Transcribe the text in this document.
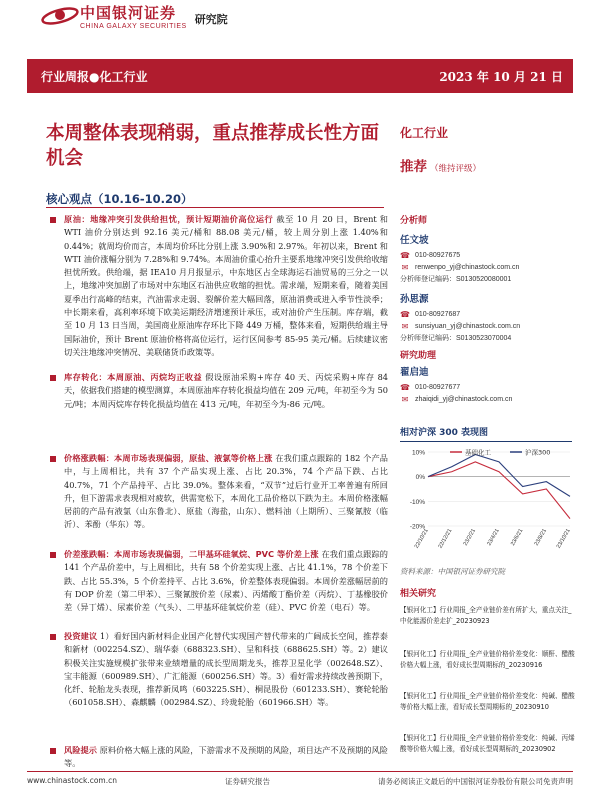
中国银河证券
CHINA GALAXY SECURITIES
研究院
行业周报●化工行业	2023 年 10 月 21 日
本周整体表现稍弱，重点推荐成长性方面机会
化工行业
推荐 （维持评级）
核心观点（10.16-10.20）
原油：地缘冲突引发供给担忧，预计短期油价高位运行 截至 10 月 20 日，Brent 和 WTI 油价分别达到 92.16 美元/桶和 88.08 美元/桶，较上周分别上涨 1.40%和 0.44%；就周均价而言，本周均价环比分别上涨 3.90%和 2.97%。年初以来，Brent 和 WTI 油价涨幅分别为 7.28%和 9.74%。本周油价重心抬升主要系地缘冲突引发供给收缩担忧所致。供给端，据 IEA10 月月报显示，中东地区占全球海运石油贸易的三分之一以上，地缘冲突加剧了市场对中东地区石油供应收缩的担忧。需求端，短期来看，随着美国夏季出行高峰的结束，汽油需求走弱、裂解价差大幅回落，原油消费或进入季节性淡季；中长期来看，高利率环境下欧美运期经济增速预计承压，或对油价产生压制。库存端，截至 10 月 13 日当周，美国商业原油库存环比下降 449 万桶，整体来看，短期供给端主导国际油价，预计 Brent 原油价格将高位运行，运行区间参考 85-95 美元/桶。后续建议密切关注地缘冲突情况、美联储货币政策等。
库存转化：本周原油、丙烷均正收益 假设原油采购+库存 40 天、丙烷采购+库存 84 天，依据我们搭建的模型测算，本周原油库存转化损益均值在 209 元/吨，年初至今为 50 元/吨；本周丙烷库存转化损益均值在 413 元/吨，年初至今为-86 元/吨。
价格涨跌幅：本周市场表现偏弱，原盐、液氯等价格上涨 在我们重点跟踪的 182 个产品中，与上周相比，共有 37 个产品实现上涨、占比 20.3%，74 个产品下跌、占比 40.7%，71 个产品持平、占比 39.0%。整体来看，“双节”过后行业开工率普遍有所回升，但下游需求表现相对疲软，供需宽松下，本周化工品价格以下跌为主。本周价格涨幅居前的产品有液氯（山东鲁北）、原盐（海盐，山东）、燃料油（上期所）、三聚氰胺（临沂）、苯酚（华东）等。
价差涨跌幅：本周市场表现偏弱，二甲基环硅氧烷、PVC 等价差上涨 在我们重点跟踪的 141 个产品价差中，与上周相比，共有 58 个价差实现上涨、占比 41.1%，78 个价差下跌、占比 55.3%，5 个价差持平、占比 3.6%，价差整体表现偏弱。本周价差涨幅居前的有 DOP 价差（第二甲苯）、三聚氰胺价差（尿素）、丙烯酸丁酯价差（丙烷）、丁基橡胶价差（异丁烯）、尿素价差（气头）、二甲基环硅氧烷价差（硅）、PVC 价差（电石）等。
投资建议 1）看好国内新材料企业国产化替代实现国产替代带来的广阔成长空间，推荐泰和新材（002254.SZ）、瑞华泰（688323.SH）、呈和科技（688625.SH）等。2）建议积极关注实施规模扩张带来业绩增量的成长型周期龙头，推荐卫星化学（002648.SZ）、宝丰能源（600989.SH）、广汇能源（600256.SH）等。3）看好需求持续改善预期下，化纤、轮胎龙头表现，推荐新凤鸣（603225.SH）、桐昆股份（601233.SH）、赛轮轮胎（601058.SH）、森麒麟（002984.SZ）、玲珑轮胎（601966.SH）等。
风险提示 原料价格大幅上涨的风险，下游需求不及预期的风险，项目达产不及预期的风险等。
分析师
任文坡
☎ 010-80927675
✉ renwenpo_yj@chinastock.com.cn
分析师登记编码：S0130520080001
孙思源
☎ 010-80927687
✉ sunsiyuan_yj@chinastock.com.cn
分析师登记编码：S0130523070004
研究助理
翟启迪
☎ 010-80927677
✉ zhaiqidi_yj@chinastock.com.cn
相对沪深 300 表现图
10%
0%
-10%
-20%
22/10/21 22/12/21 23/2/21 23/4/21 23/6/21 23/8/21 23/10/21
基础化工	沪深300
资料来源：中国银河证券研究院
相关研究
【银河化工】行业周报_全产业链价差有所扩大，重点关注_中化能源价差走扩_20230923
【银河化工】行业周报_全产业链价格价差变化：顺酐、醋酸价格大幅上涨，看好成长型周期标的_20230916
【银河化工】行业周报_全产业链价格价差变化：纯碱、醋酸等价格大幅上涨，看好成长型周期标的_20230910
【银河化工】行业周报_全产业链价格价差变化：纯碱、丙烯酸等价格大幅上涨，看好成长型周期标的_20230902
www.chinastock.com.cn	证券研究报告	请务必阅读正文最后的中国银河证券股份有限公司免责声明
